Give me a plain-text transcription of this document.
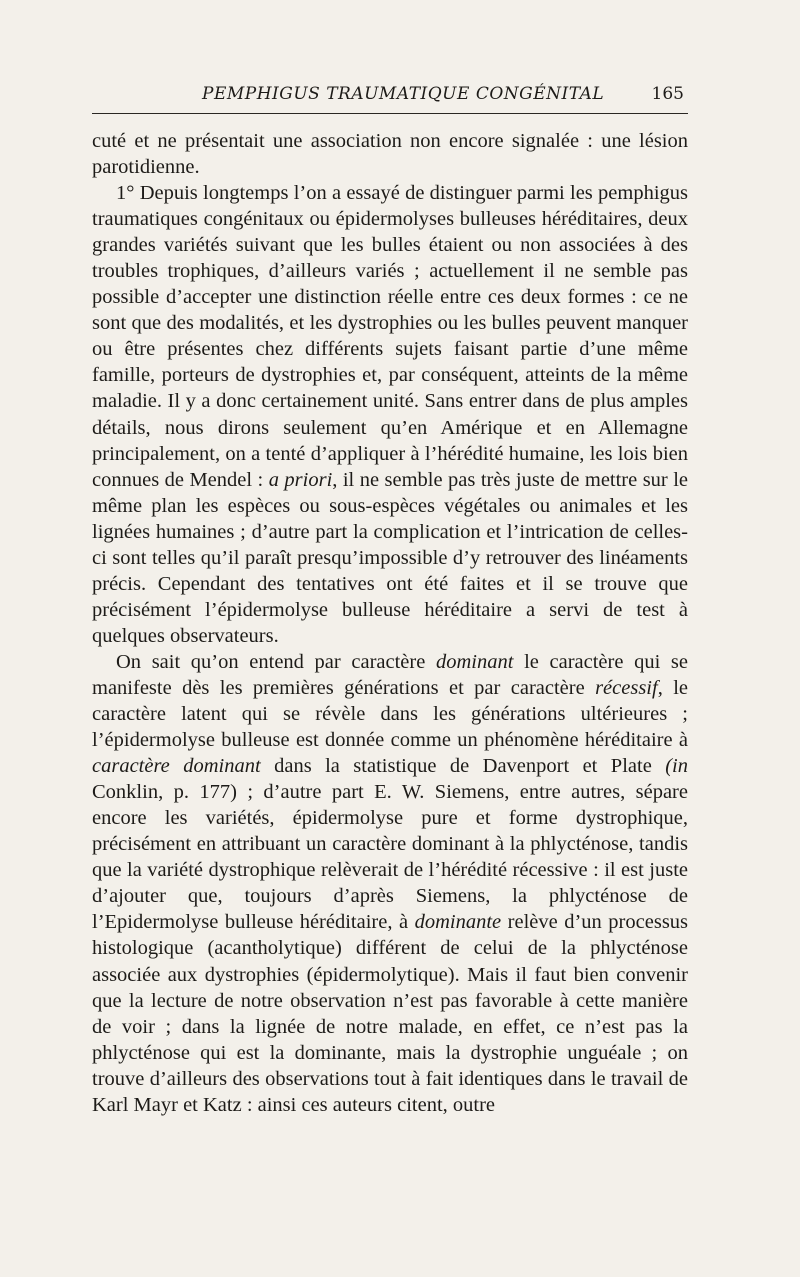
PEMPHIGUS TRAUMATIQUE CONGÉNITAL	165

cuté et ne présentait une association non encore signalée : une lésion parotidienne.

1° Depuis longtemps l’on a essayé de distinguer parmi les pemphigus traumatiques congénitaux ou épidermolyses bulleuses héréditaires, deux grandes variétés suivant que les bulles étaient ou non associées à des troubles trophiques, d’ailleurs variés ; actuellement il ne semble pas possible d’accepter une distinction réelle entre ces deux formes : ce ne sont que des modalités, et les dystrophies ou les bulles peuvent manquer ou être présentes chez différents sujets faisant partie d’une même famille, porteurs de dystrophies et, par conséquent, atteints de la même maladie. Il y a donc certainement unité. Sans entrer dans de plus amples détails, nous dirons seulement qu’en Amérique et en Allemagne principalement, on a tenté d’appliquer à l’hérédité humaine, les lois bien connues de Mendel : a priori, il ne semble pas très juste de mettre sur le même plan les espèces ou sous-espèces végétales ou animales et les lignées humaines ; d’autre part la complication et l’intrication de celles-ci sont telles qu’il paraît presqu’impossible d’y retrouver des linéaments précis. Cependant des tentatives ont été faites et il se trouve que précisément l’épidermolyse bulleuse héréditaire a servi de test à quelques observateurs.

On sait qu’on entend par caractère dominant le caractère qui se manifeste dès les premières générations et par caractère récessif, le caractère latent qui se révèle dans les générations ultérieures ; l’épidermolyse bulleuse est donnée comme un phénomène héréditaire à caractère dominant dans la statistique de Davenport et Plate (in Conklin, p. 177) ; d’autre part E. W. Siemens, entre autres, sépare encore les variétés, épidermolyse pure et forme dystrophique, précisément en attribuant un caractère dominant à la phlycténose, tandis que la variété dystrophique relèverait de l’hérédité récessive : il est juste d’ajouter que, toujours d’après Siemens, la phlycténose de l’Epidermolyse bulleuse héréditaire, à dominante relève d’un processus histologique (acantholytique) différent de celui de la phlycténose associée aux dystrophies (épidermolytique). Mais il faut bien convenir que la lecture de notre observation n’est pas favorable à cette manière de voir ; dans la lignée de notre malade, en effet, ce n’est pas la phlycténose qui est la dominante, mais la dystrophie unguéale ; on trouve d’ailleurs des observations tout à fait identiques dans le travail de Karl Mayr et Katz : ainsi ces auteurs citent, outre
